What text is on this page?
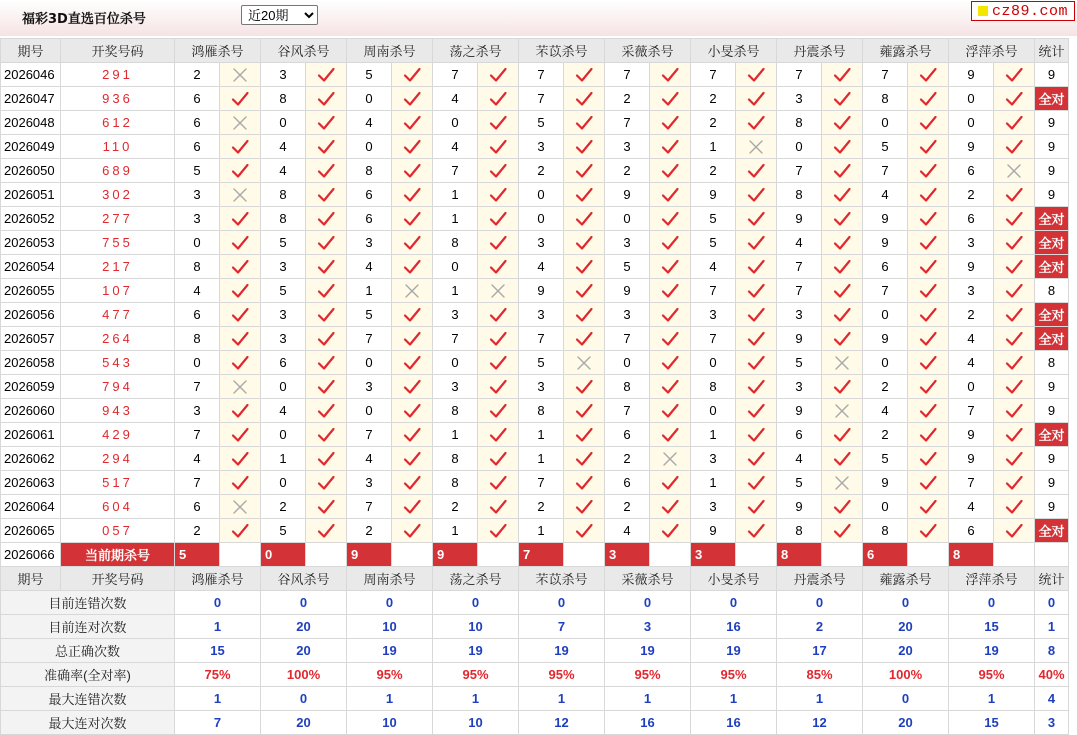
福彩3D直选百位杀号
近20期	cz89.com
期号	开奖号码	鸿雁杀号		谷风杀号		周南杀号		荡之杀号		芣苡杀号		采薇杀号		小旻杀号		丹震杀号		蕹露杀号		浮萍杀号		统计
2026046	291	2		3		5		7		7		7		7		7		7		9		9
2026047	936	6		8		0		4		7		2		2		3		8		0		全对
2026048	612	6		0		4		0		5		7		2		8		0		0		9
2026049	110	6		4		0		4		3		3		1		0		5		9		9
2026050	689	5		4		8		7		2		2		2		7		7		6		9
2026051	302	3		8		6		1		0		9		9		8		4		2		9
2026052	277	3		8		6		1		0		0		5		9		9		6		全对
2026053	755	0		5		3		8		3		3		5		4		9		3		全对
2026054	217	8		3		4		0		4		5		4		7		6		9		全对
2026055	107	4		5		1		1		9		9		7		7		7		3		8
2026056	477	6		3		5		3		3		3		3		3		0		2		全对
2026057	264	8		3		7		7		7		7		7		9		9		4		全对
2026058	543	0		6		0		0		5		0		0		5		0		4		8
2026059	794	7		0		3		3		3		8		8		3		2		0		9
2026060	943	3		4		0		8		8		7		0		9		4		7		9
2026061	429	7		0		7		1		1		6		1		6		2		9		全对
2026062	294	4		1		4		8		1		2		3		4		5		9		9
2026063	517	7		0		3		8		7		6		1		5		9		7		9
2026064	604	6		2		7		2		2		2		3		9		0		4		9
2026065	057	2		5		2		1		1		4		9		8		8		6		全对
2026066	当前期杀号	5		0		9		9		7		3		3		8		6		8		
期号	开奖号码	鸿雁杀号		谷风杀号		周南杀号		荡之杀号		芣苡杀号		采薇杀号		小旻杀号		丹震杀号		蕹露杀号		浮萍杀号		统计
目前连错次数		0		0		0		0		0		0		0		0		0		0		0
目前连对次数		1		20		10		10		7		3		16		2		20		15		1
总正确次数		15		20		19		19		19		19		19		17		20		19		8
准确率(全对率)		75%		100%		95%		95%		95%		95%		95%		85%		100%		95%		40%
最大连错次数		1		0		1		1		1		1		1		1		0		1		4
最大连对次数		7		20		10		10		12		16		16		12		20		15		3
